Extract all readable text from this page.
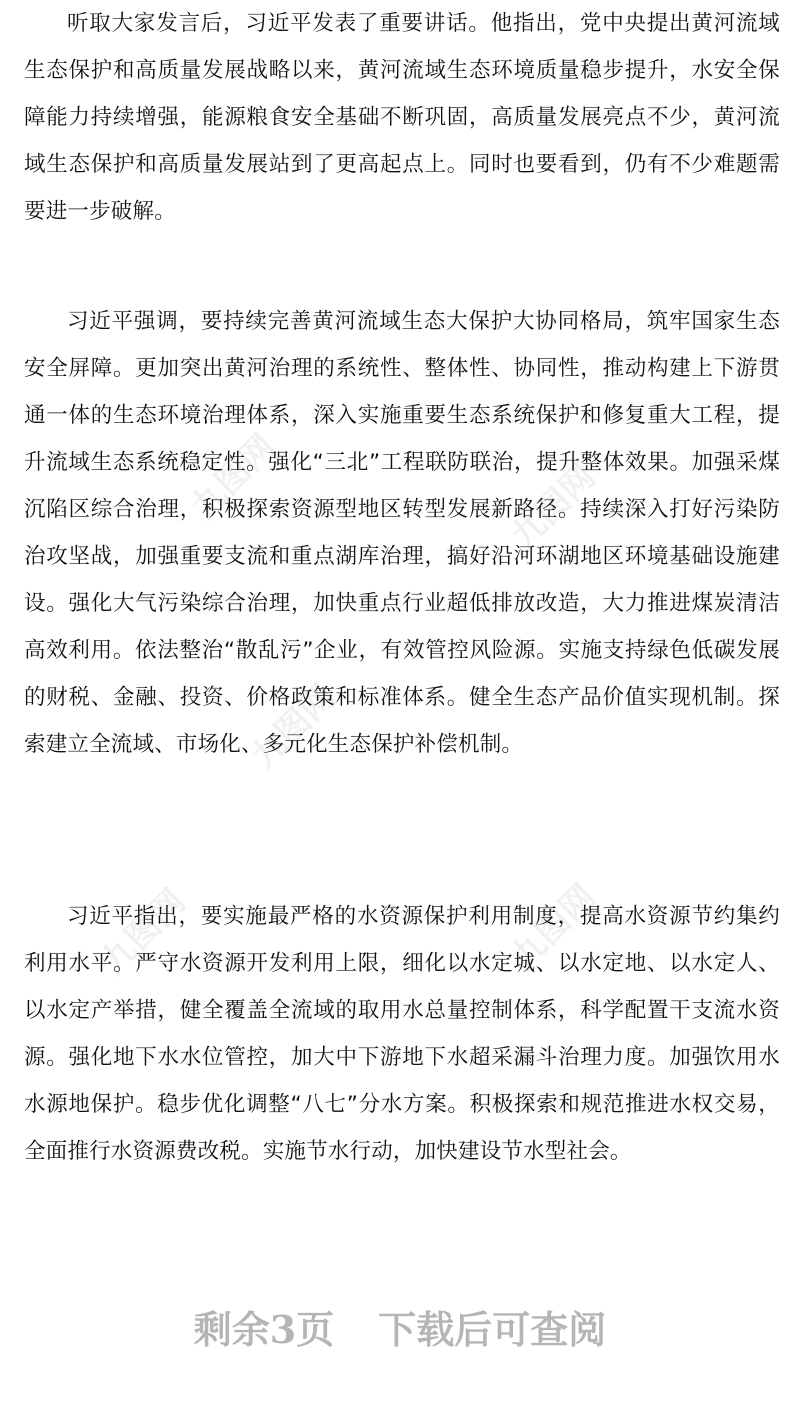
九图网	九图网
九图网
九图网	九图网

听取大家发言后，习近平发表了重要讲话。他指出，党中央提出黄河流域生态保护和高质量发展战略以来，黄河流域生态环境质量稳步提升，水安全保障能力持续增强，能源粮食安全基础不断巩固，高质量发展亮点不少，黄河流域生态保护和高质量发展站到了更高起点上。同时也要看到，仍有不少难题需要进一步破解。

习近平强调，要持续完善黄河流域生态大保护大协同格局，筑牢国家生态安全屏障。更加突出黄河治理的系统性、整体性、协同性，推动构建上下游贯通一体的生态环境治理体系，深入实施重要生态系统保护和修复重大工程，提升流域生态系统稳定性。强化“三北”工程联防联治，提升整体效果。加强采煤沉陷区综合治理，积极探索资源型地区转型发展新路径。持续深入打好污染防治攻坚战，加强重要支流和重点湖库治理，搞好沿河环湖地区环境基础设施建设。强化大气污染综合治理，加快重点行业超低排放改造，大力推进煤炭清洁高效利用。依法整治“散乱污”企业，有效管控风险源。实施支持绿色低碳发展的财税、金融、投资、价格政策和标准体系。健全生态产品价值实现机制。探索建立全流域、市场化、多元化生态保护补偿机制。

习近平指出，要实施最严格的水资源保护利用制度，提高水资源节约集约利用水平。严守水资源开发利用上限，细化以水定城、以水定地、以水定人、以水定产举措，健全覆盖全流域的取用水总量控制体系，科学配置干支流水资源。强化地下水水位管控，加大中下游地下水超采漏斗治理力度。加强饮用水水源地保护。稳步优化调整“八七”分水方案。积极探索和规范推进水权交易，全面推行水资源费改税。实施节水行动，加快建设节水型社会。

剩余3页 下载后可查阅
